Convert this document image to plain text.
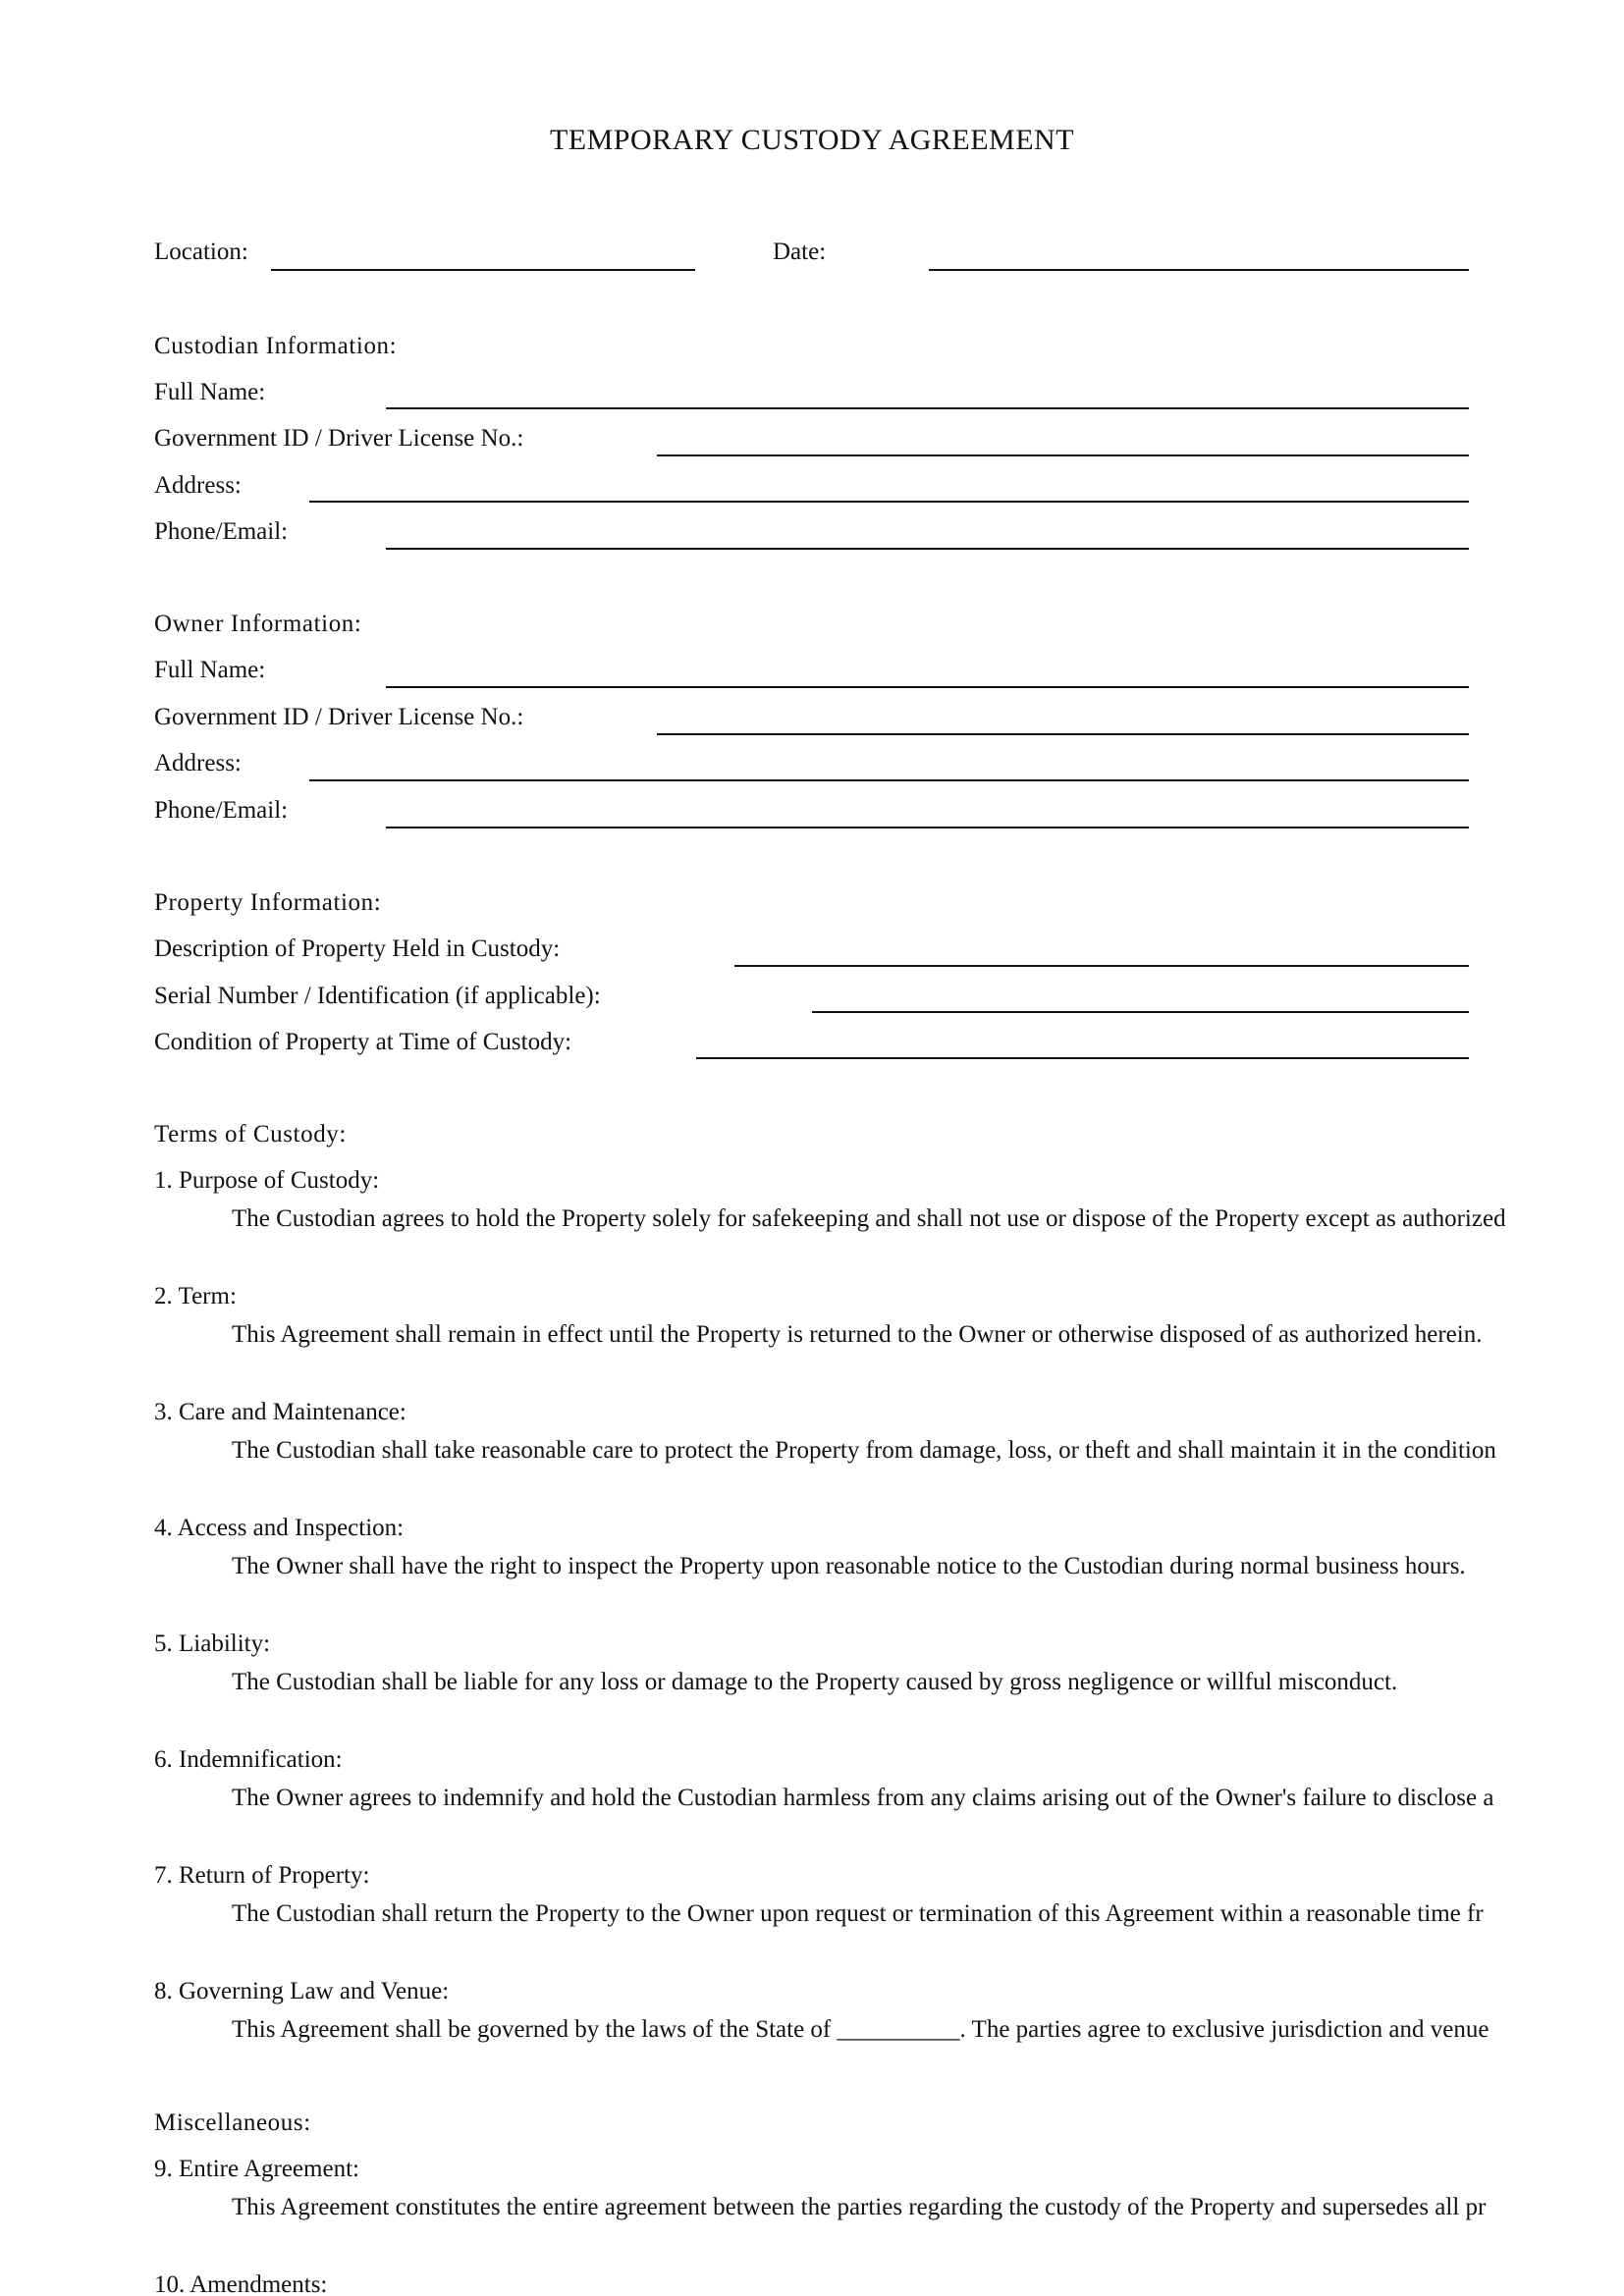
TEMPORARY CUSTODY AGREEMENT
Location:	Date:
Custodian Information:
Full Name:
Government ID / Driver License No.:
Address:
Phone/Email:
Owner Information:
Full Name:
Government ID / Driver License No.:
Address:
Phone/Email:
Property Information:
Description of Property Held in Custody:
Serial Number / Identification (if applicable):
Condition of Property at Time of Custody:
Terms of Custody:
1. Purpose of Custody:
The Custodian agrees to hold the Property solely for safekeeping and shall not use or dispose of the Property except as authorized
2. Term:
This Agreement shall remain in effect until the Property is returned to the Owner or otherwise disposed of as authorized herein.
3. Care and Maintenance:
The Custodian shall take reasonable care to protect the Property from damage, loss, or theft and shall maintain it in the condition
4. Access and Inspection:
The Owner shall have the right to inspect the Property upon reasonable notice to the Custodian during normal business hours.
5. Liability:
The Custodian shall be liable for any loss or damage to the Property caused by gross negligence or willful misconduct.
6. Indemnification:
The Owner agrees to indemnify and hold the Custodian harmless from any claims arising out of the Owner's failure to disclose a
7. Return of Property:
The Custodian shall return the Property to the Owner upon request or termination of this Agreement within a reasonable time fr
8. Governing Law and Venue:
This Agreement shall be governed by the laws of the State of __________. The parties agree to exclusive jurisdiction and venue
Miscellaneous:
9. Entire Agreement:
This Agreement constitutes the entire agreement between the parties regarding the custody of the Property and supersedes all pr
10. Amendments:
